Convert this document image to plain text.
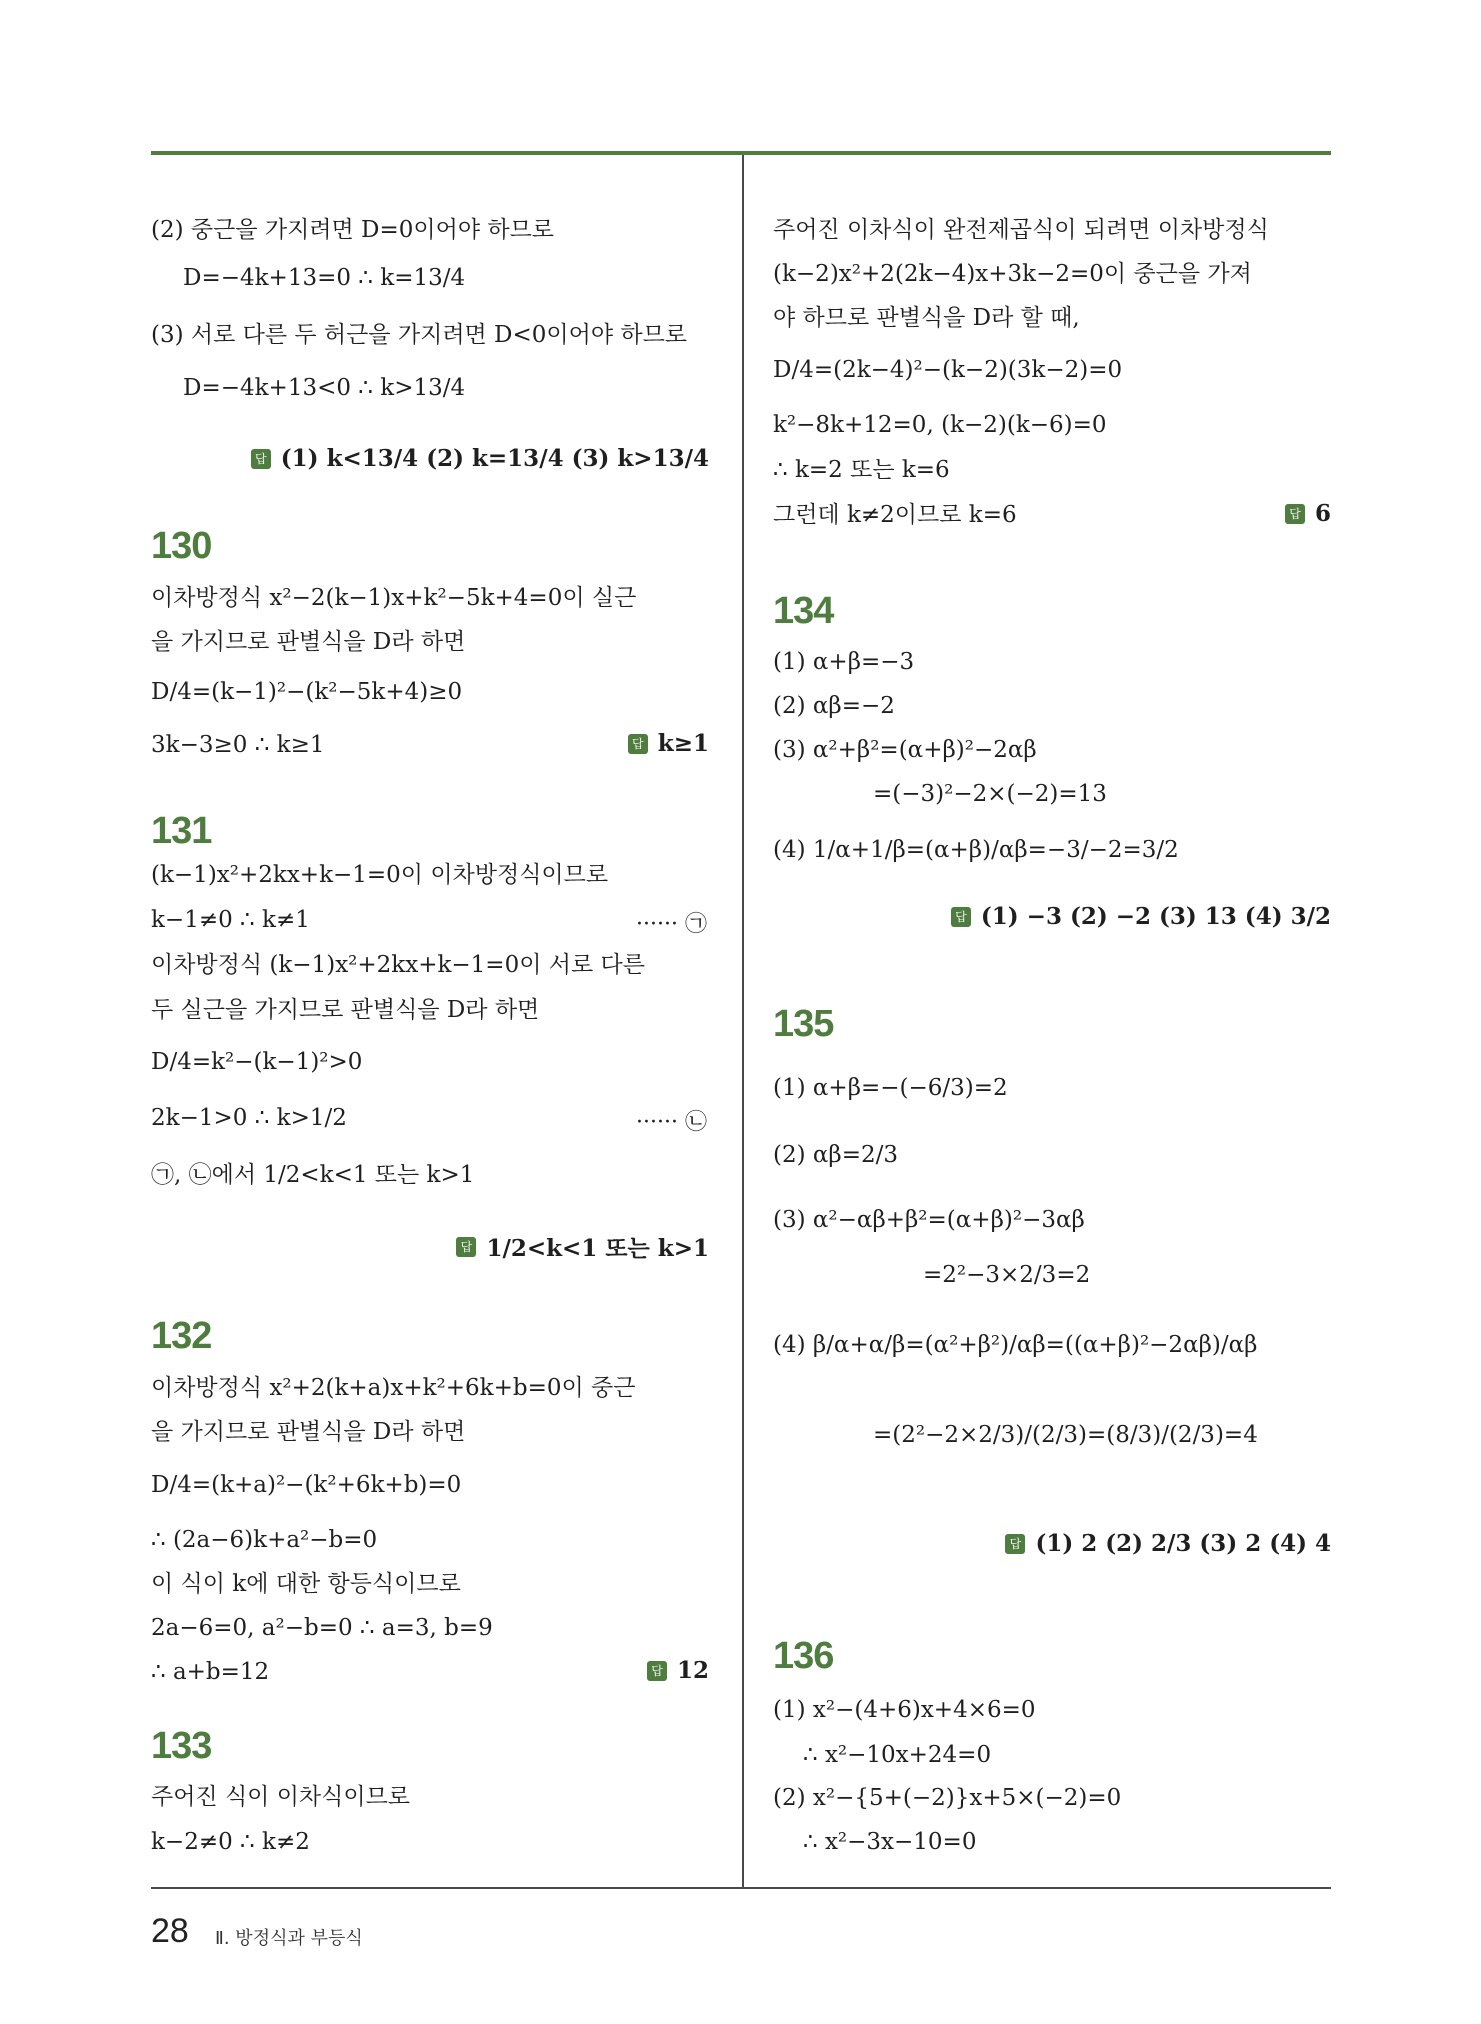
(2) 중근을 가지려면 D=0이어야 하므로
D=−4k+13=0 ∴ k=13/4
(3) 서로 다른 두 허근을 가지려면 D<0이어야 하므로
D=−4k+13<0 ∴ k>13/4
답 (1) k<13/4 (2) k=13/4 (3) k>13/4
130
이차방정식 x²−2(k−1)x+k²−5k+4=0이 실근
을 가지므로 판별식을 D라 하면
D/4=(k−1)²−(k²−5k+4)≥0
3k−3≥0 ∴ k≥1	답 k≥1
131
(k−1)x²+2kx+k−1=0이 이차방정식이므로
k−1≠0 ∴ k≠1	······ ㉠
이차방정식 (k−1)x²+2kx+k−1=0이 서로 다른
두 실근을 가지므로 판별식을 D라 하면
D/4=k²−(k−1)²>0
2k−1>0 ∴ k>1/2	······ ㉡
㉠, ㉡에서 1/2<k<1 또는 k>1
답 1/2<k<1 또는 k>1
132
이차방정식 x²+2(k+a)x+k²+6k+b=0이 중근
을 가지므로 판별식을 D라 하면
D/4=(k+a)²−(k²+6k+b)=0
∴ (2a−6)k+a²−b=0
이 식이 k에 대한 항등식이므로
2a−6=0, a²−b=0 ∴ a=3, b=9
∴ a+b=12	답 12
133
주어진 식이 이차식이므로
k−2≠0 ∴ k≠2
주어진 이차식이 완전제곱식이 되려면 이차방정식
(k−2)x²+2(2k−4)x+3k−2=0이 중근을 가져
야 하므로 판별식을 D라 할 때,
D/4=(2k−4)²−(k−2)(3k−2)=0
k²−8k+12=0, (k−2)(k−6)=0
∴ k=2 또는 k=6
그런데 k≠2이므로 k=6	답 6
134
(1) α+β=−3
(2) αβ=−2
(3) α²+β²=(α+β)²−2αβ
=(−3)²−2×(−2)=13
(4) 1/α+1/β=(α+β)/αβ=−3/−2=3/2
답 (1) −3 (2) −2 (3) 13 (4) 3/2
135
(1) α+β=−(−6/3)=2
(2) αβ=2/3
(3) α²−αβ+β²=(α+β)²−3αβ
=2²−3×2/3=2
(4) β/α+α/β=(α²+β²)/αβ=((α+β)²−2αβ)/αβ
=(2²−2×2/3)/(2/3)=(8/3)/(2/3)=4
답 (1) 2 (2) 2/3 (3) 2 (4) 4
136
(1) x²−(4+6)x+4×6=0
∴ x²−10x+24=0
(2) x²−{5+(−2)}x+5×(−2)=0
∴ x²−3x−10=0
28 Ⅱ. 방정식과 부등식
